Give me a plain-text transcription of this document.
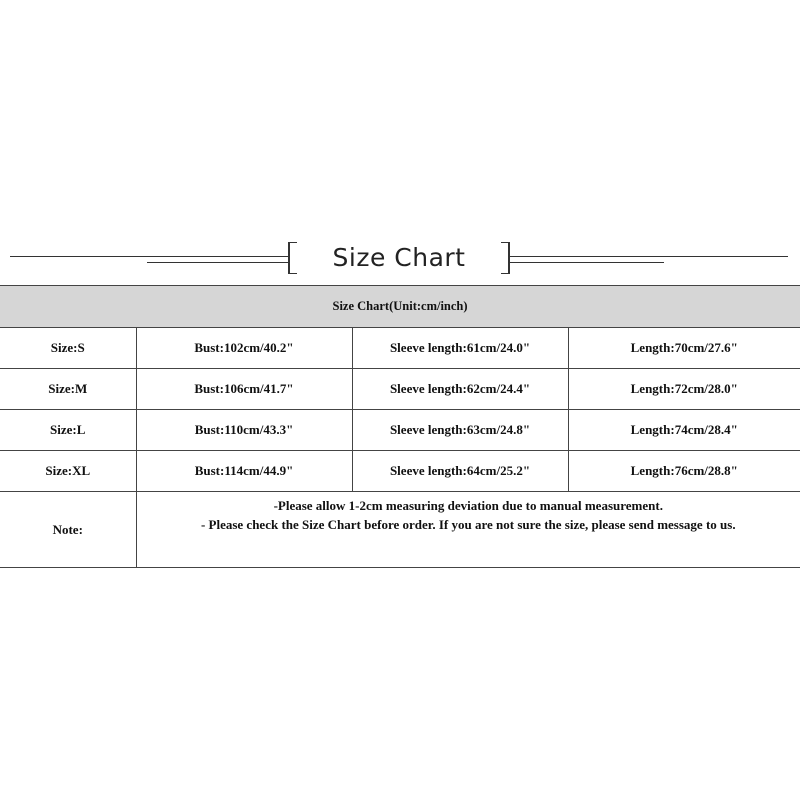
Size Chart
Size Chart(Unit:cm/inch)			
Size:S	Bust:102cm/40.2"	Sleeve length:61cm/24.0"	Length:70cm/27.6"
Size:M	Bust:106cm/41.7"	Sleeve length:62cm/24.4"	Length:72cm/28.0"
Size:L	Bust:110cm/43.3"	Sleeve length:63cm/24.8"	Length:74cm/28.4"
Size:XL	Bust:114cm/44.9"	Sleeve length:64cm/25.2"	Length:76cm/28.8"
Note:	-Please allow 1-2cm measuring deviation due to manual measurement.
- Please check the Size Chart before order. If you are not sure the size, please send message to us.		
